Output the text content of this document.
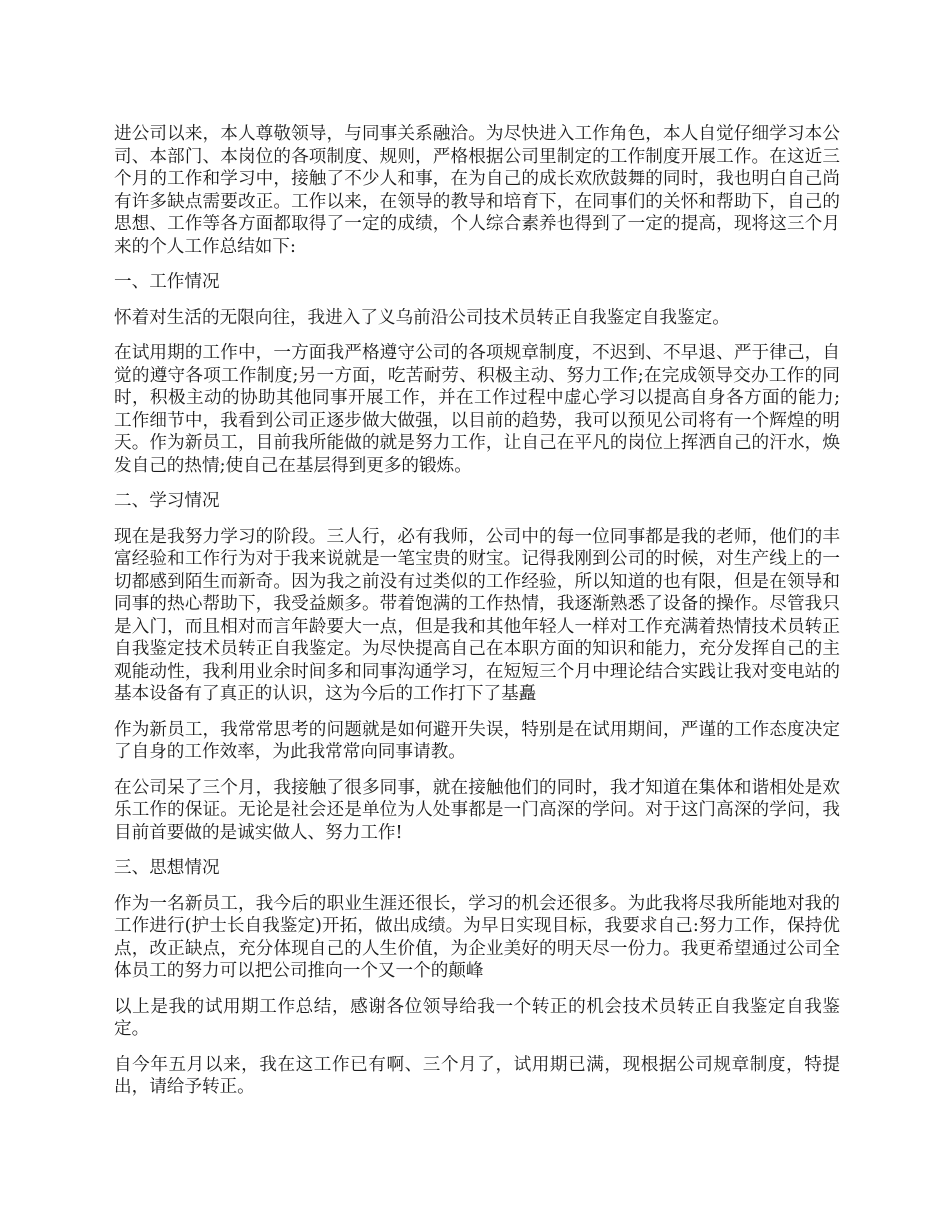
进公司以来，本人尊敬领导，与同事关系融洽。为尽快进入工作角色，本人自觉仔细学习本公司、本部门、本岗位的各项制度、规则，严格根据公司里制定的工作制度开展工作。在这近三个月的工作和学习中，接触了不少人和事，在为自己的成长欢欣鼓舞的同时，我也明白自己尚有许多缺点需要改正。工作以来，在领导的教导和培育下，在同事们的关怀和帮助下，自己的思想、工作等各方面都取得了一定的成绩，个人综合素养也得到了一定的提高，现将这三个月来的个人工作总结如下:

一、工作情况

怀着对生活的无限向往，我进入了义乌前沿公司技术员转正自我鉴定自我鉴定。

在试用期的工作中，一方面我严格遵守公司的各项规章制度，不迟到、不早退、严于律己，自觉的遵守各项工作制度;另一方面，吃苦耐劳、积极主动、努力工作;在完成领导交办工作的同时，积极主动的协助其他同事开展工作，并在工作过程中虚心学习以提高自身各方面的能力;工作细节中，我看到公司正逐步做大做强，以目前的趋势，我可以预见公司将有一个辉煌的明天。作为新员工，目前我所能做的就是努力工作，让自己在平凡的岗位上挥洒自己的汗水，焕发自己的热情;使自己在基层得到更多的锻炼。

二、学习情况

现在是我努力学习的阶段。三人行，必有我师，公司中的每一位同事都是我的老师，他们的丰富经验和工作行为对于我来说就是一笔宝贵的财宝。记得我刚到公司的时候，对生产线上的一切都感到陌生而新奇。因为我之前没有过类似的工作经验，所以知道的也有限，但是在领导和同事的热心帮助下，我受益颇多。带着饱满的工作热情，我逐渐熟悉了设备的操作。尽管我只是入门，而且相对而言年龄要大一点，但是我和其他年轻人一样对工作充满着热情技术员转正自我鉴定技术员转正自我鉴定。为尽快提高自己在本职方面的知识和能力，充分发挥自己的主观能动性，我利用业余时间多和同事沟通学习，在短短三个月中理论结合实践让我对变电站的基本设备有了真正的认识，这为今后的工作打下了基矗

作为新员工，我常常思考的问题就是如何避开失误，特别是在试用期间，严谨的工作态度决定了自身的工作效率，为此我常常向同事请教。

在公司呆了三个月，我接触了很多同事，就在接触他们的同时，我才知道在集体和谐相处是欢乐工作的保证。无论是社会还是单位为人处事都是一门高深的学问。对于这门高深的学问，我目前首要做的是诚实做人、努力工作!

三、思想情况

作为一名新员工，我今后的职业生涯还很长，学习的机会还很多。为此我将尽我所能地对我的工作进行(护士长自我鉴定)开拓，做出成绩。为早日实现目标，我要求自己:努力工作，保持优点，改正缺点，充分体现自己的人生价值，为企业美好的明天尽一份力。我更希望通过公司全体员工的努力可以把公司推向一个又一个的颠峰

以上是我的试用期工作总结，感谢各位领导给我一个转正的机会技术员转正自我鉴定自我鉴定。

自今年五月以来，我在这工作已有啊、三个月了，试用期已满，现根据公司规章制度，特提出，请给予转正。
